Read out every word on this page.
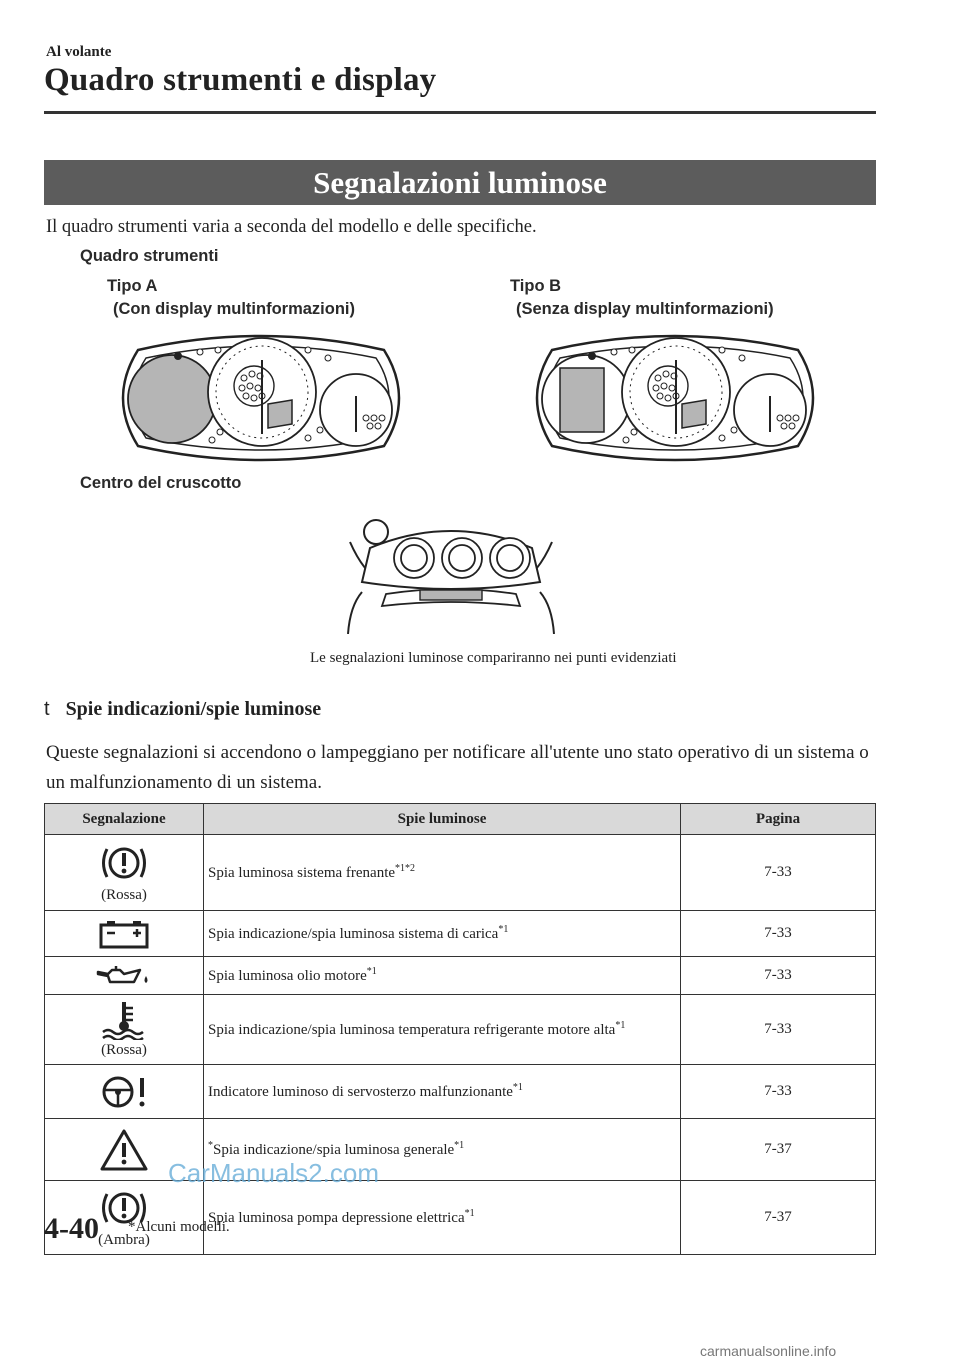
Al volante
Quadro strumenti e display
Segnalazioni luminose
Il quadro strumenti varia a seconda del modello e delle specifiche.
Quadro strumenti
Tipo A
(Con display multinformazioni)
Tipo B
(Senza display multinformazioni)
Centro del cruscotto
Le segnalazioni luminose compariranno nei punti evidenziati
t Spie indicazioni/spie luminose
Queste segnalazioni si accendono o lampeggiano per notificare all'utente uno stato operativo di un sistema o un malfunzionamento di un sistema.
Segnalazione	Spie luminose	Pagina

(Rossa)	Spia luminosa sistema frenante$^{*1*2}$	7-33

	Spia indicazione/spia luminosa sistema di carica$^{*1}$	7-33

	Spia luminosa olio motore$^{*1}$	7-33

(Rossa)	Spia indicazione/spia luminosa temperatura refrigerante motore alta$^{*1}$	7-33

	Indicatore luminoso di servosterzo malfunzionante$^{*1}$	7-33

	*Spia indicazione/spia luminosa generale$^{*1}$	7-37

(Ambra)	Spia luminosa pompa depressione elettrica$^{*1}$	7-37
4-40 *Alcuni modelli.
CarManuals2.com
carmanualsonline.info
